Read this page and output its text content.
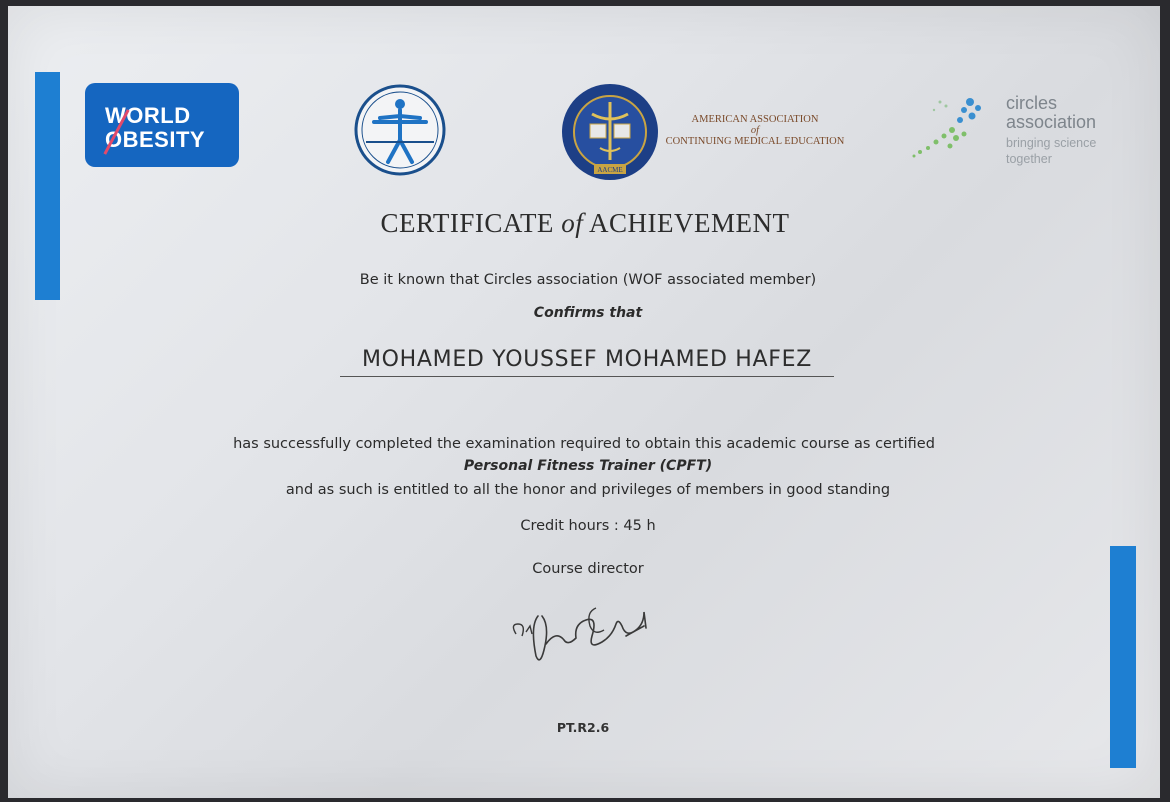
WORLD
OBESITY
AACME
AMERICAN ASSOCIATION
of
CONTINUING MEDICAL EDUCATION
circles
association
bringing science
together
CERTIFICATE of ACHIEVEMENT
Be it known that Circles association (WOF associated member)
Confirms that
MOHAMED YOUSSEF MOHAMED HAFEZ
has successfully completed the examination required to obtain this academic course as certified
Personal Fitness Trainer (CPFT)
and as such is entitled to all the honor and privileges of members in good standing
Credit hours : 45 h
Course director
PT.R2.6
